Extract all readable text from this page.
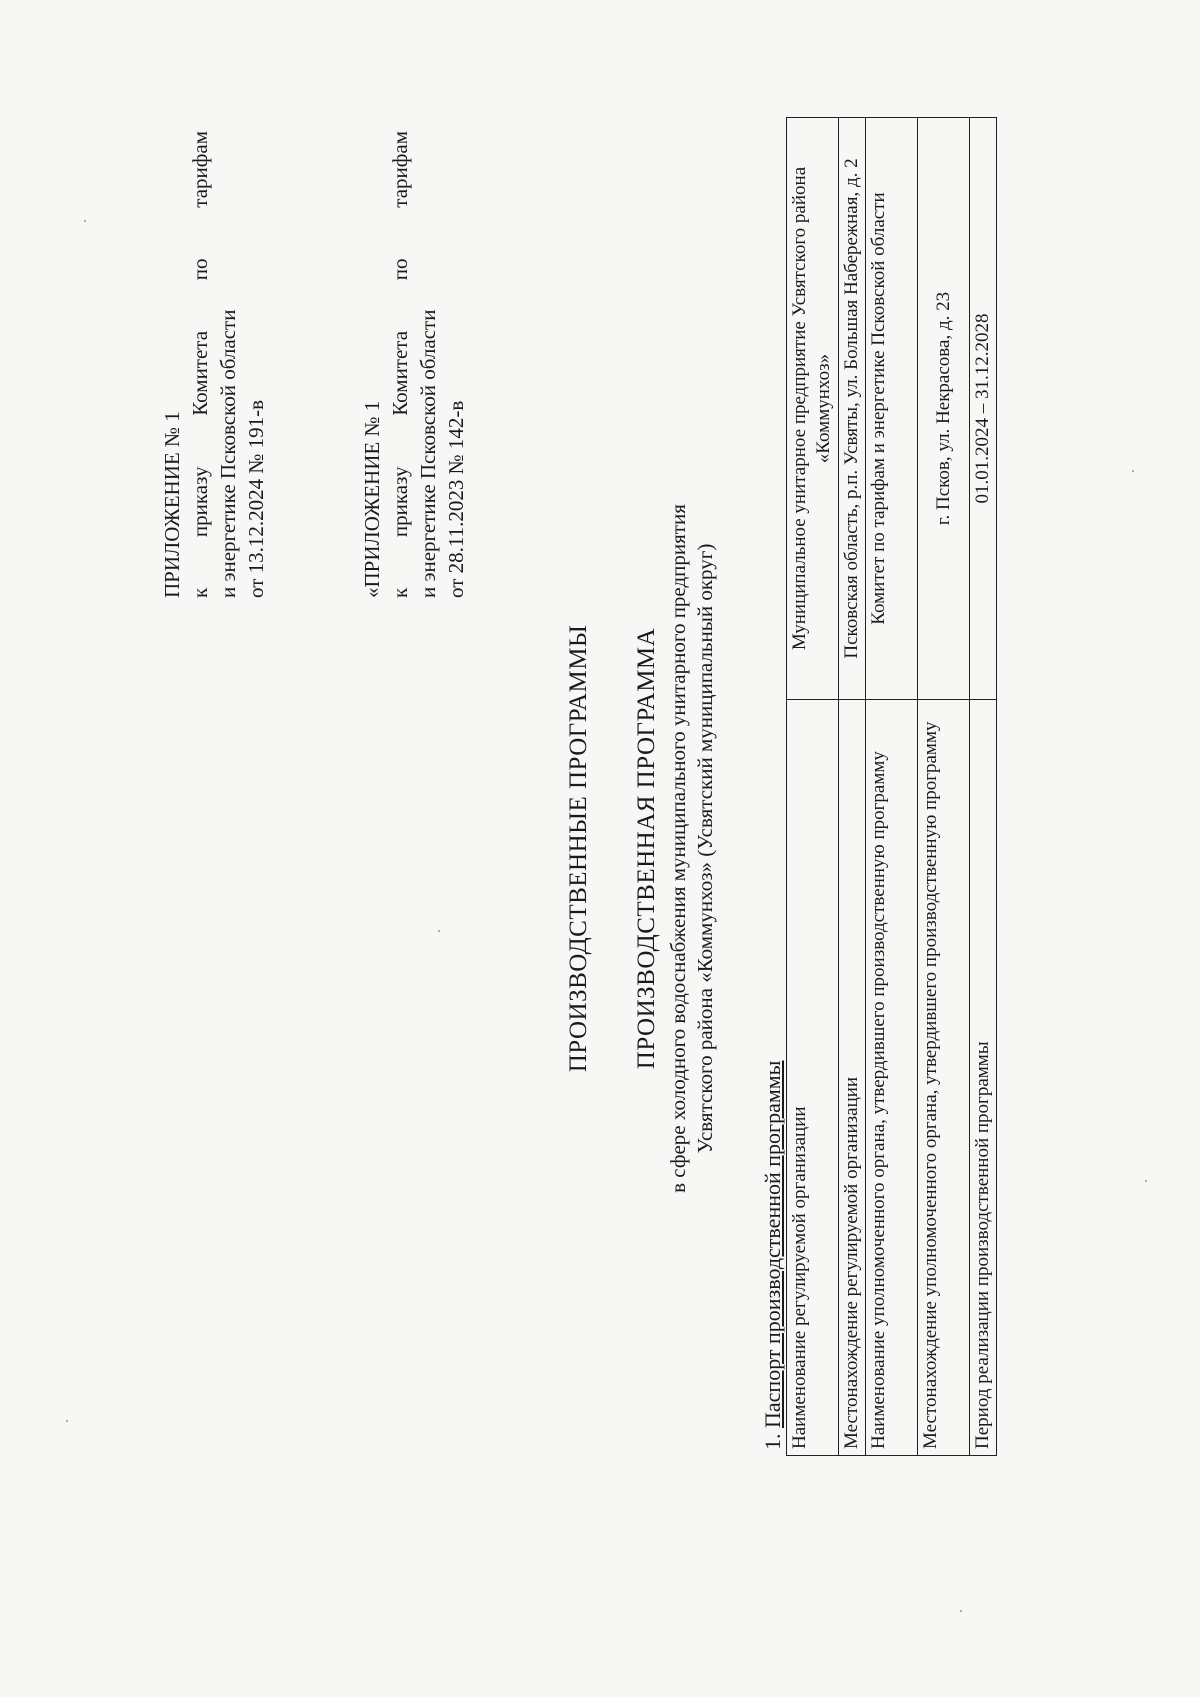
ПРИЛОЖЕНИЕ № 1 к
приказу
Комитета
по
тарифам
и энергетике Псковской области от 13.12.2024 № 191-в	«ПРИЛОЖЕНИЕ № 1 к
приказу
Комитета
по
тарифам
и энергетике Псковской области от 28.11.2023 № 142-в
ПРОИЗВОДСТВЕННЫЕ ПРОГРАММЫ ПРОИЗВОДСТВЕННАЯ ПРОГРАММА в сфере холодного водоснабжения муниципального унитарного предприятия Усвятского района «Коммунхоз» (Усвятский муниципальный округ)
1. Паспорт производственной программы Наименование регулируемой организации	Муниципальное унитарное предприятие Усвятского района «Коммунхоз»
Местонахождение регулируемой организации	Псковская область, р.п. Усвяты, ул. Большая Набережная, д. 2
Наименование уполномоченного органа, утвердившего производственную программу	Комитет по тарифам и энергетике Псковской области
Местонахождение уполномоченного органа, утвердившего производственную программу	г. Псков, ул. Некрасова, д. 23
Период реализации производственной программы	01.01.2024 – 31.12.2028
